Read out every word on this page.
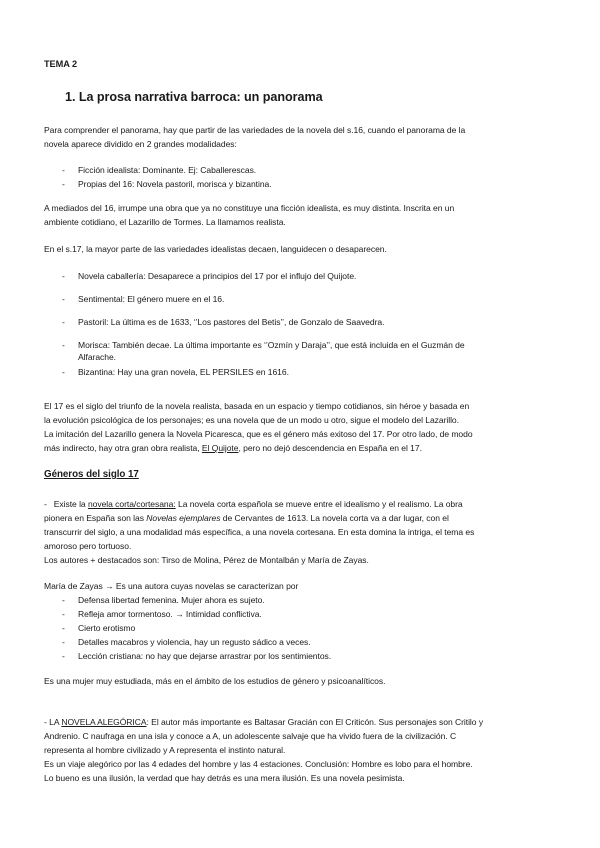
TEMA 2

1. La prosa narrativa barroca: un panorama

Para comprender el panorama, hay que partir de las variedades de la novela del s.16, cuando el panorama de la

novela aparece dividido en 2 grandes modalidades:

- Ficción idealista: Dominante. Ej: Caballerescas.
- Propias del 16: Novela pastoril, morisca y bizantina.

A mediados del 16, irrumpe una obra que ya no constituye una ficción idealista, es muy distinta. Inscrita en un

ambiente cotidiano, el Lazarillo de Tormes. La llamamos realista.

En el s.17, la mayor parte de las variedades idealistas decaen, languidecen o desaparecen.

- Novela caballería: Desaparece a principios del 17 por el influjo del Quijote.
- Sentimental: El género muere en el 16.
- Pastoril: La última es de 1633, ‘’Los pastores del Betis’’, de Gonzalo de Saavedra.
- Morisca: También decae. La última importante es ‘’Ozmín y Daraja’’, que está incluida en el Guzmán de
Alfarache.
- Bizantina: Hay una gran novela, EL PERSILES en 1616.

El 17 es el siglo del triunfo de la novela realista, basada en un espacio y tiempo cotidianos, sin héroe y basada en

la evolución psicológica de los personajes; es una novela que de un modo u otro, sigue el modelo del Lazarillo.

La imitación del Lazarillo genera la Novela Picaresca, que es el género más exitoso del 17. Por otro lado, de modo

más indirecto, hay otra gran obra realista, El Quijote, pero no dejó descendencia en España en el 17.

Géneros del siglo 17

- Existe la novela corta/cortesana: La novela corta española se mueve entre el idealismo y el realismo. La obra

pionera en España son las Novelas ejemplares de Cervantes de 1613. La novela corta va a dar lugar, con el

transcurrir del siglo, a una modalidad más específica, a una novela cortesana. En esta domina la intriga, el tema es

amoroso pero tortuoso.

Los autores + destacados son: Tirso de Molina, Pérez de Montalbán y María de Zayas.

María de Zayas → Es una autora cuyas novelas se caracterizan por

- Defensa libertad femenina. Mujer ahora es sujeto.
- Refleja amor tormentoso. → Intimidad conflictiva.
- Cierto erotismo
- Detalles macabros y violencia, hay un regusto sádico a veces.
- Lección cristiana: no hay que dejarse arrastrar por los sentimientos.

Es una mujer muy estudiada, más en el ámbito de los estudios de género y psicoanalíticos.

- LA NOVELA ALEGÓRICA: El autor más importante es Baltasar Gracián con El Criticón. Sus personajes son Critilo y

Andrenio. C naufraga en una isla y conoce a A, un adolescente salvaje que ha vivido fuera de la civilización. C

representa al hombre civilizado y A representa el instinto natural.

Es un viaje alegórico por las 4 edades del hombre y las 4 estaciones. Conclusión: Hombre es lobo para el hombre.

Lo bueno es una ilusión, la verdad que hay detrás es una mera ilusión. Es una novela pesimista.
